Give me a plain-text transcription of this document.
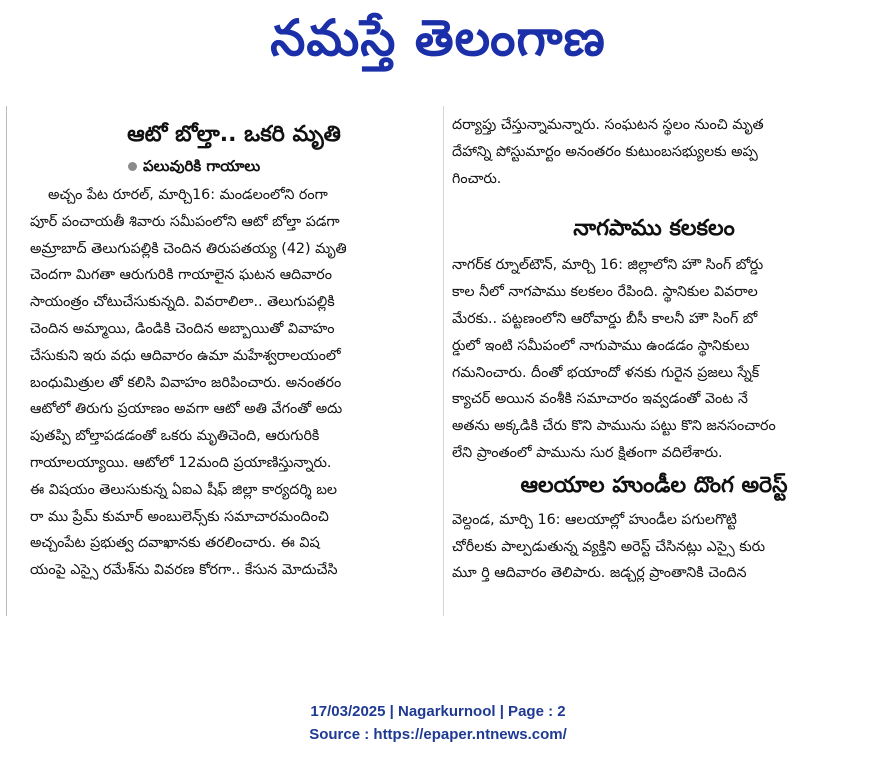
నమస్తే తెలంగాణ
ఆటో బోల్తా.. ఒకరి మృతి
పలువురికి గాయాలు
అచ్చం పేట రూరల్‌, మార్చి16: మండలంలోని రంగా
పూర్‌ పంచాయతీ శివారు సమీపంలోని ఆటో బోల్తా పడగా
అమ్రాబాద్‌ తెలుగుపల్లికి చెందిన తిరుపతయ్య (42) మృతి
చెందగా మిగతా ఆరుగురికి గాయాలైన ఘటన ఆదివారం
సాయంత్రం చోటుచేసుకున్నది. వివరాలిలా.. తెలుగుపల్లికి
చెందిన అమ్మాయి, డిండికి చెందిన అబ్బాయితో వివాహం
చేసుకుని ఇరు వధు ఆదివారం ఉమా మహేశ్వరాలయంలో
బంధుమిత్రుల తో కలిసి వివాహం జరిపించారు. అనంతరం
ఆటోలో తిరుగు ప్రయాణం అవగా ఆటో అతి వేగంతో అదు
పుతప్పి బోల్తాపడడంతో ఒకరు మృతిచెంది, ఆరుగురికి
గాయాలయ్యాయి. ఆటోలో 12మంది ప్రయాణిస్తున్నారు.
ఈ విషయం తెలుసుకున్న ఏఐఎ షీఫ్‌ జిల్లా కార్యదర్శి బల
రా ము ప్రేమ్‌ కుమార్‌ అంబులెన్స్‌కు సమాచారమందించి
అచ్చంపేట ప్రభుత్వ దవాఖానకు తరలించారు. ఈ విష
యంపై ఎస్సై రమేశ్‌ను వివరణ కోరగా.. కేసున మోదుచేసి
దర్యాప్తు చేస్తున్నామన్నారు. సంఘటన స్థలం నుంచి మృత
దేహాన్ని పోస్టుమార్టం అనంతరం కుటుంబసభ్యులకు అప్ప
గించారు.
నాగపాము కలకలం
నాగర్‌క ర్నూల్‌టౌన్‌, మార్చి 16: జిల్లాలోని హౌ సింగ్‌ బోర్డు
కాల నీలో నాగపాము కలకలం రేపింది. స్థానికుల వివరాల
మేరకు.. పట్టణంలోని ఆరోవార్డు బీసీ కాలనీ హౌ సింగ్‌ బో
ర్డులో ఇంటి సమీపంలో నాగుపాము ఉండడం స్థానికులు
గమనించారు. దీంతో భయాందో ళనకు గురైన ప్రజలు స్నేక్‌
క్యాచర్‌ అయిన వంశీకి సమాచారం ఇవ్వడంతో వెంట నే
అతను అక్కడికి చేరు కొని పామును పట్టు కొని జనసంచారం
లేని ప్రాంతంలో పామును సుర క్షితంగా వదిలేశారు.
ఆలయాల హుండీల దొంగ అరెస్ట్‌
వెల్దండ, మార్చి 16: ఆలయాల్లో హుండీల పగులగొట్టి
చోరీలకు పాల్పడుతున్న వ్యక్తిని అరెస్ట్‌ చేసినట్లు ఎస్సై కురు
మూ ర్తి ఆదివారం తెలిపారు. జడ్చర్ల ప్రాంతానికి చెందిన
17/03/2025 | Nagarkurnool | Page : 2
Source : https://epaper.ntnews.com/
